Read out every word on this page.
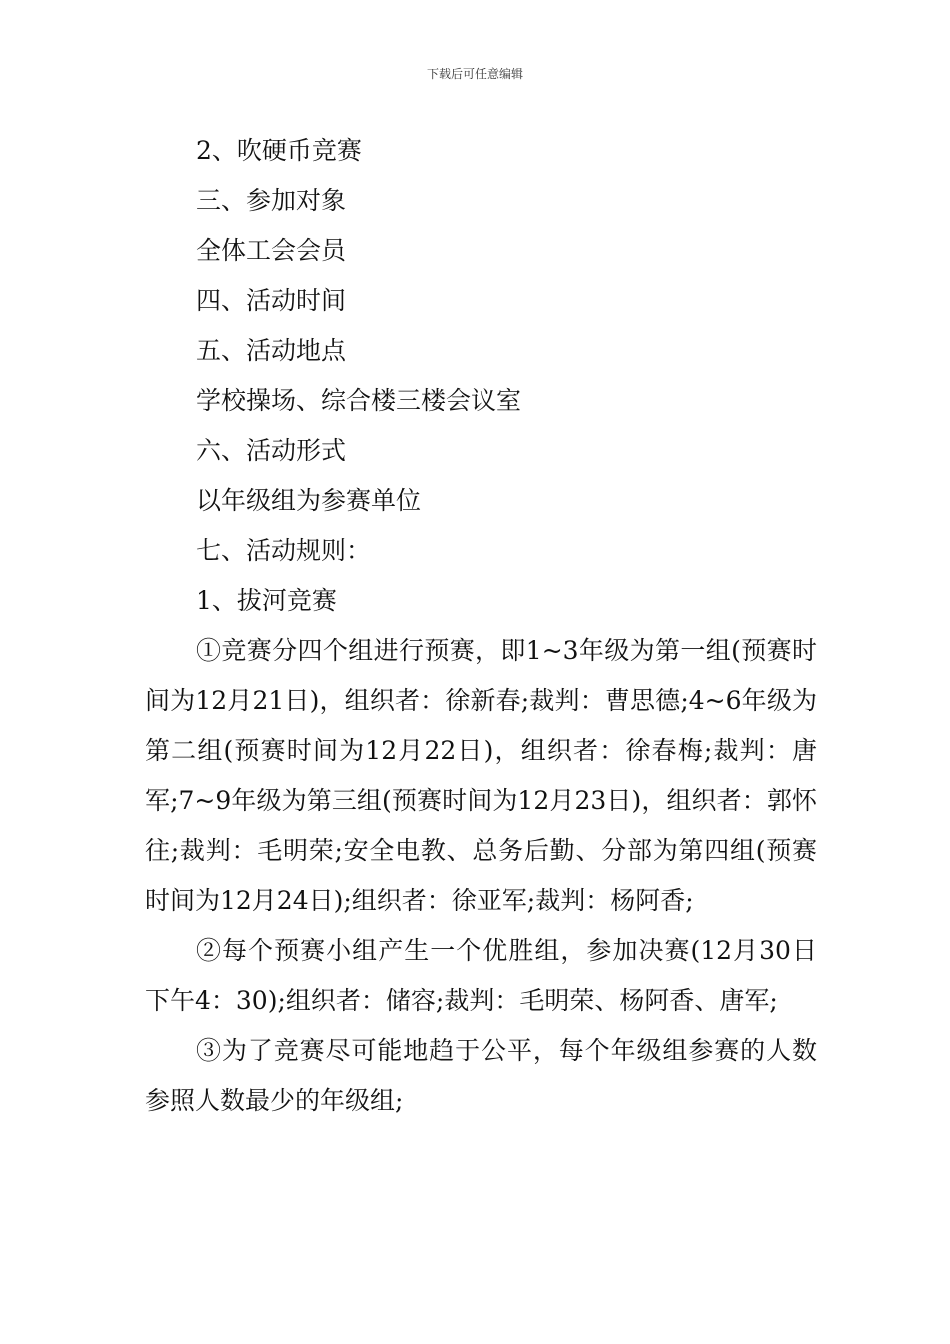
下载后可任意编辑
2、吹硬币竞赛
三、参加对象
全体工会会员
四、活动时间
五、活动地点
学校操场、综合楼三楼会议室
六、活动形式
以年级组为参赛单位
七、活动规则：
1、拔河竞赛
①竞赛分四个组进行预赛，即1~3年级为第一组(预赛时间为12月21日)，组织者：徐新春;裁判：曹思德;4~6年级为第二组(预赛时间为12月22日)，组织者：徐春梅;裁判：唐军;7~9年级为第三组(预赛时间为12月23日)，组织者：郭怀往;裁判：毛明荣;安全电教、总务后勤、分部为第四组(预赛时间为12月24日);组织者：徐亚军;裁判：杨阿香;
②每个预赛小组产生一个优胜组，参加决赛(12月30日下午4：30);组织者：储容;裁判：毛明荣、杨阿香、唐军;
③为了竞赛尽可能地趋于公平，每个年级组参赛的人数参照人数最少的年级组;
